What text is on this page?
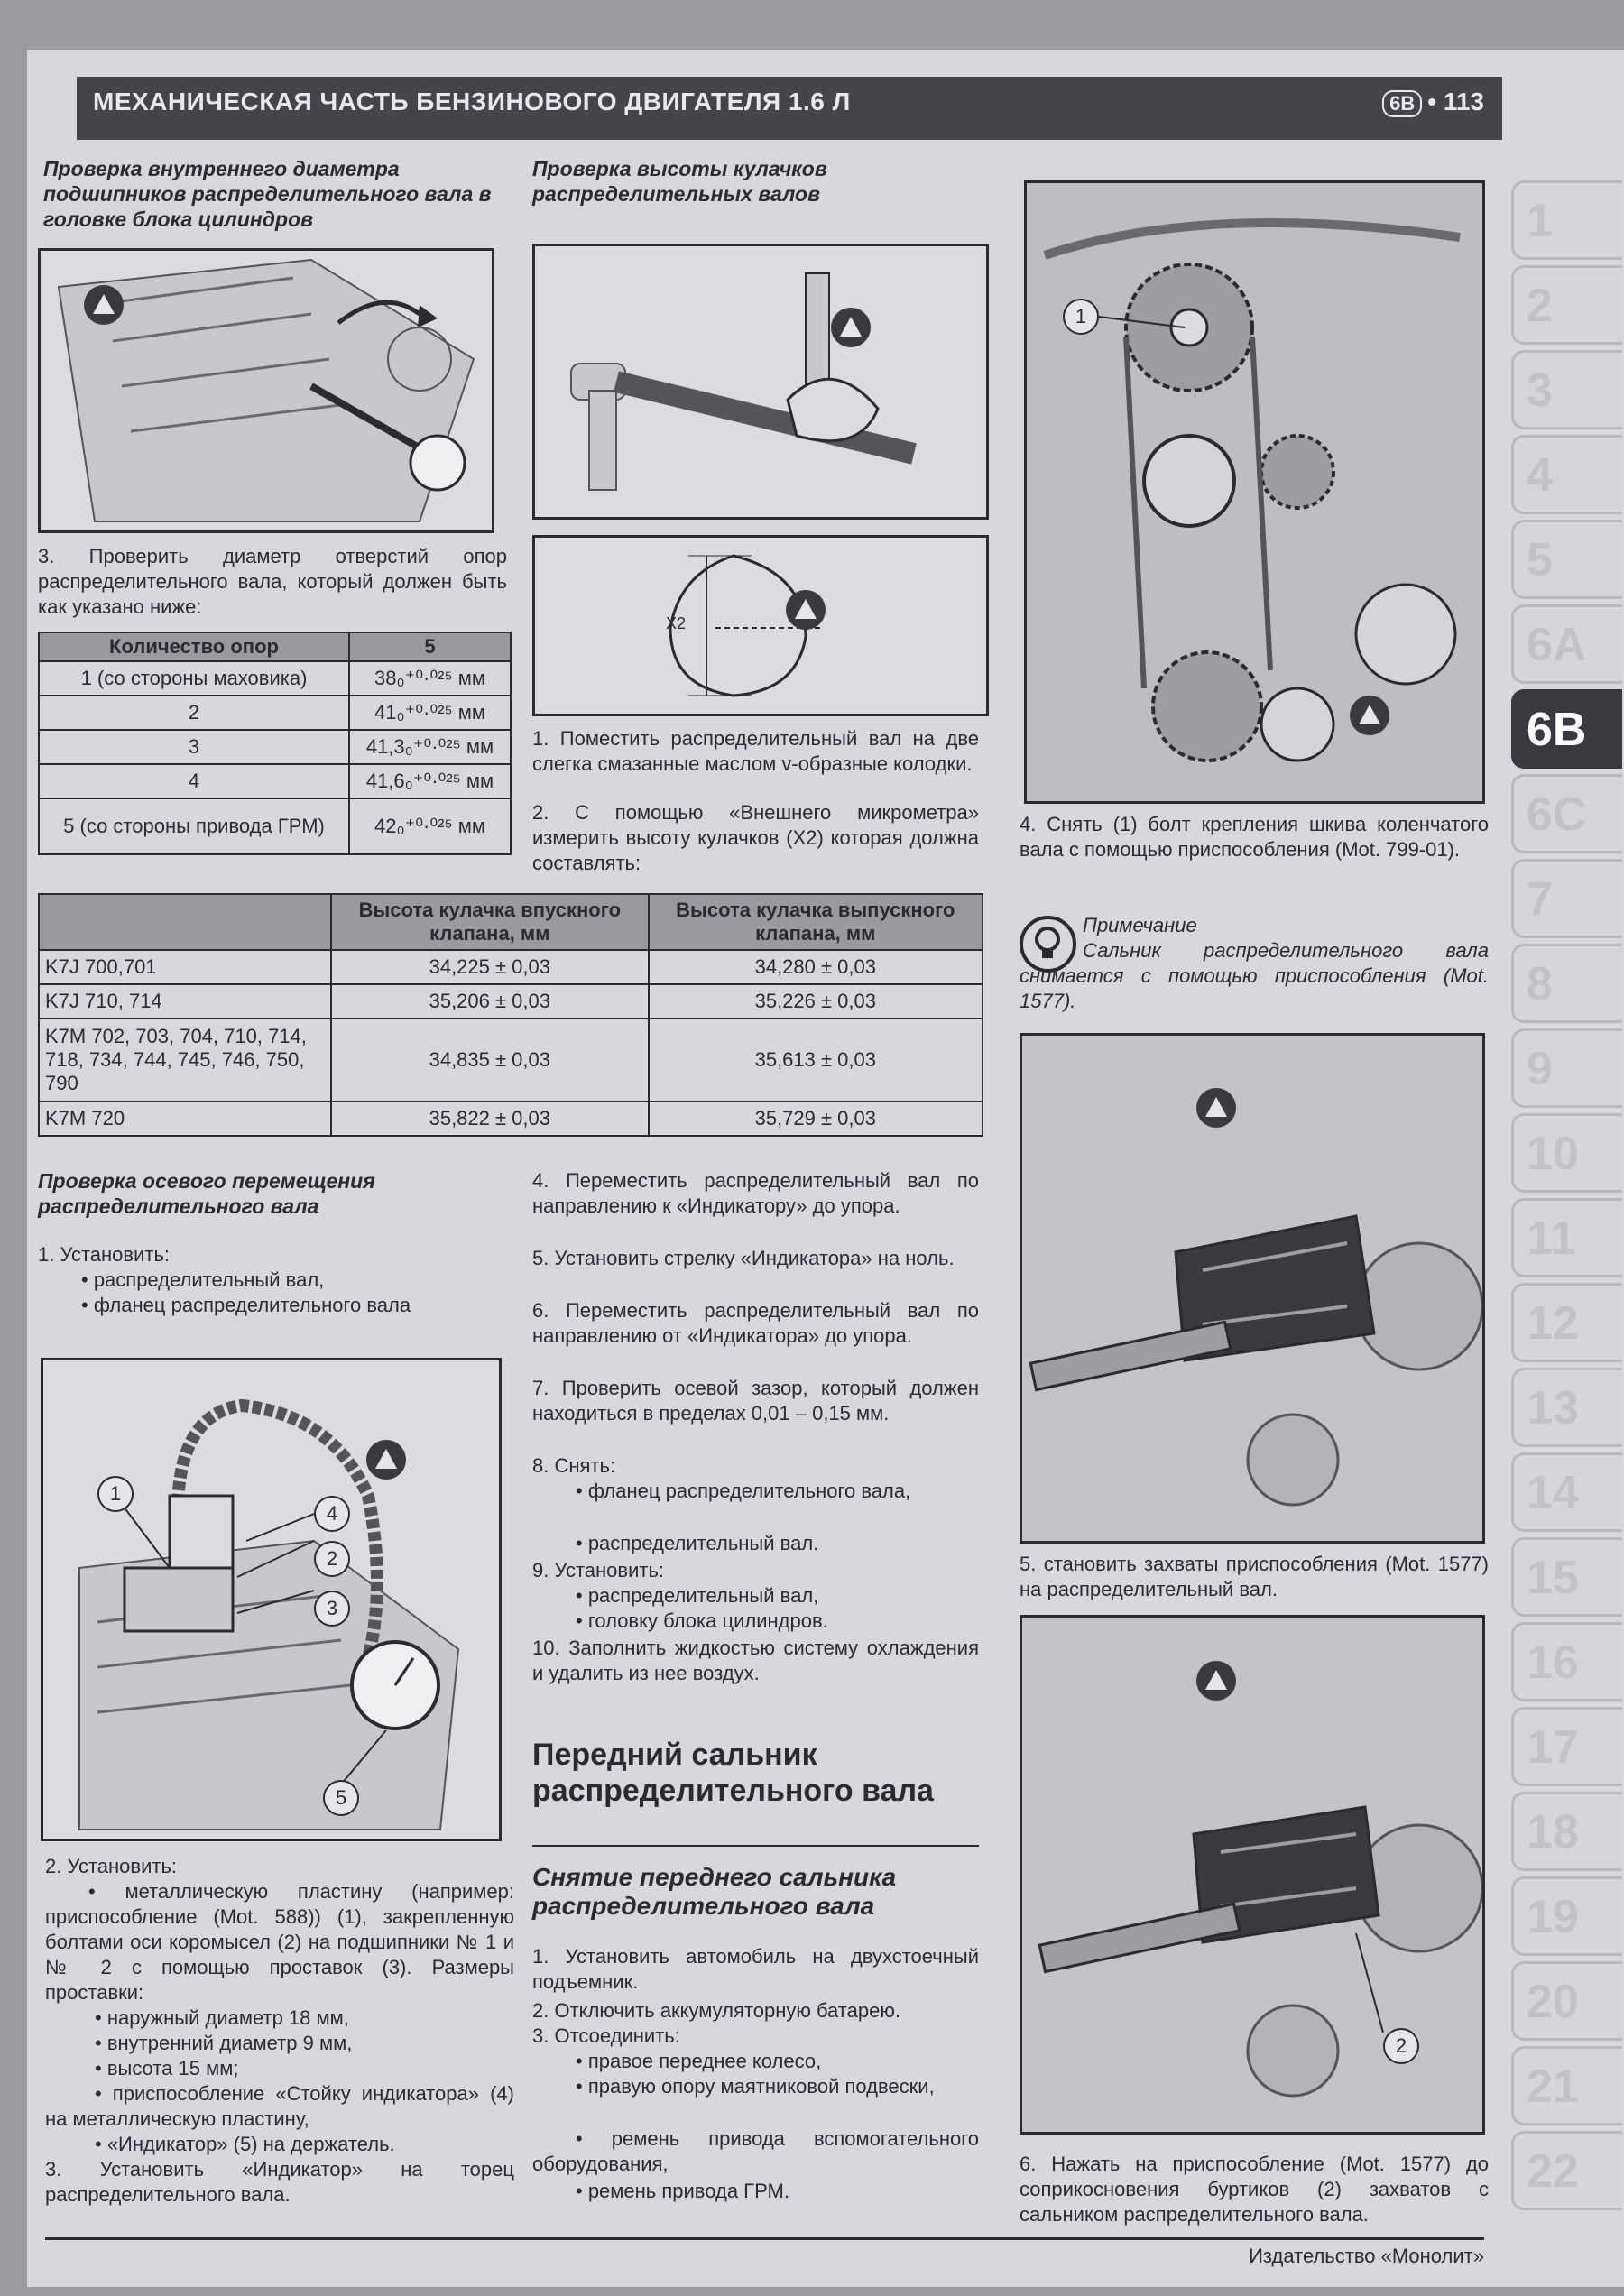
МЕХАНИЧЕСКАЯ ЧАСТЬ БЕНЗИНОВОГО ДВИГАТЕЛЯ 1.6 Л	6B • 113
Проверка внутреннего диаметра подшипников распределительного вала в головке блока цилиндров
3. Проверить диаметр отверстий опор распределительного вала, который должен быть как указано ниже:
Количество опор	5
1 (со стороны маховика)	38₀⁺⁰·⁰²⁵ мм
2	41₀⁺⁰·⁰²⁵ мм
3	41,3₀⁺⁰·⁰²⁵ мм
4	41,6₀⁺⁰·⁰²⁵ мм
5 (со стороны привода ГРМ)	42₀⁺⁰·⁰²⁵ мм
Проверка высоты кулачков распределительных валов
X2
1. Поместить распределительный вал на две слегка смазанные маслом v-образные колодки.
2. С помощью «Внешнего микрометра» измерить высоту кулачков (X2) которая должна составлять:
	Высота кулачка впускного клапана, мм	Высота кулачка выпускного клапана, мм
K7J 700,701	34,225 ± 0,03	34,280 ± 0,03
K7J 710, 714	35,206 ± 0,03	35,226 ± 0,03
K7M 702, 703, 704, 710, 714, 718, 734, 744, 745, 746, 750, 790	34,835 ± 0,03	35,613 ± 0,03
K7M 720	35,822 ± 0,03	35,729 ± 0,03
Проверка осевого перемещения распределительного вала
1. Установить:
• распределительный вал,
• фланец распределительного вала
1
2
3
4
5
2. Установить:
• металлическую пластину (например: приспособление (Mot. 588)) (1), закрепленную болтами оси коромысел (2) на подшипники № 1 и № 2 с помощью проставок (3). Размеры проставки:
• наружный диаметр 18 мм,
• внутренний диаметр 9 мм,
• высота 15 мм;
• приспособление «Стойку индикатора» (4) на металлическую пластину,
• «Индикатор» (5) на держатель.
3. Установить «Индикатор» на торец распределительного вала.
4. Переместить распределительный вал по направлению к «Индикатору» до упора.
5. Установить стрелку «Индикатора» на ноль.
6. Переместить распределительный вал по направлению от «Индикатора» до упора.
7. Проверить осевой зазор, который должен находиться в пределах 0,01 – 0,15 мм.
8. Снять:
• фланец распределительного вала,
• распределительный вал.
9. Установить:
• распределительный вал,
• головку блока цилиндров.
10. Заполнить жидкостью систему охлаждения и удалить из нее воздух.
Передний сальник распределительного вала
Снятие переднего сальника распределительного вала
1. Установить автомобиль на двухстоечный подъемник.
2. Отключить аккумуляторную батарею.
3. Отсоединить:
• правое переднее колесо,
• правую опору маятниковой подвески,
• ремень привода вспомогательного оборудования,
• ремень привода ГРМ.
1
4. Снять (1) болт крепления шкива коленчатого вала с помощью приспособления (Mot. 799-01).
Примечание
Сальник распределительного вала снимается с помощью приспособления (Mot. 1577).
5. становить захваты приспособления (Mot. 1577) на распределительный вал.
2
6. Нажать на приспособление (Mot. 1577) до соприкосновения буртиков (2) захватов с сальником распределительного вала.
Издательство «Монолит»
1
2
3
4
5
6A
6B
6C
7
8
9
10
11
12
13
14
15
16
17
18
19
20
21
22
